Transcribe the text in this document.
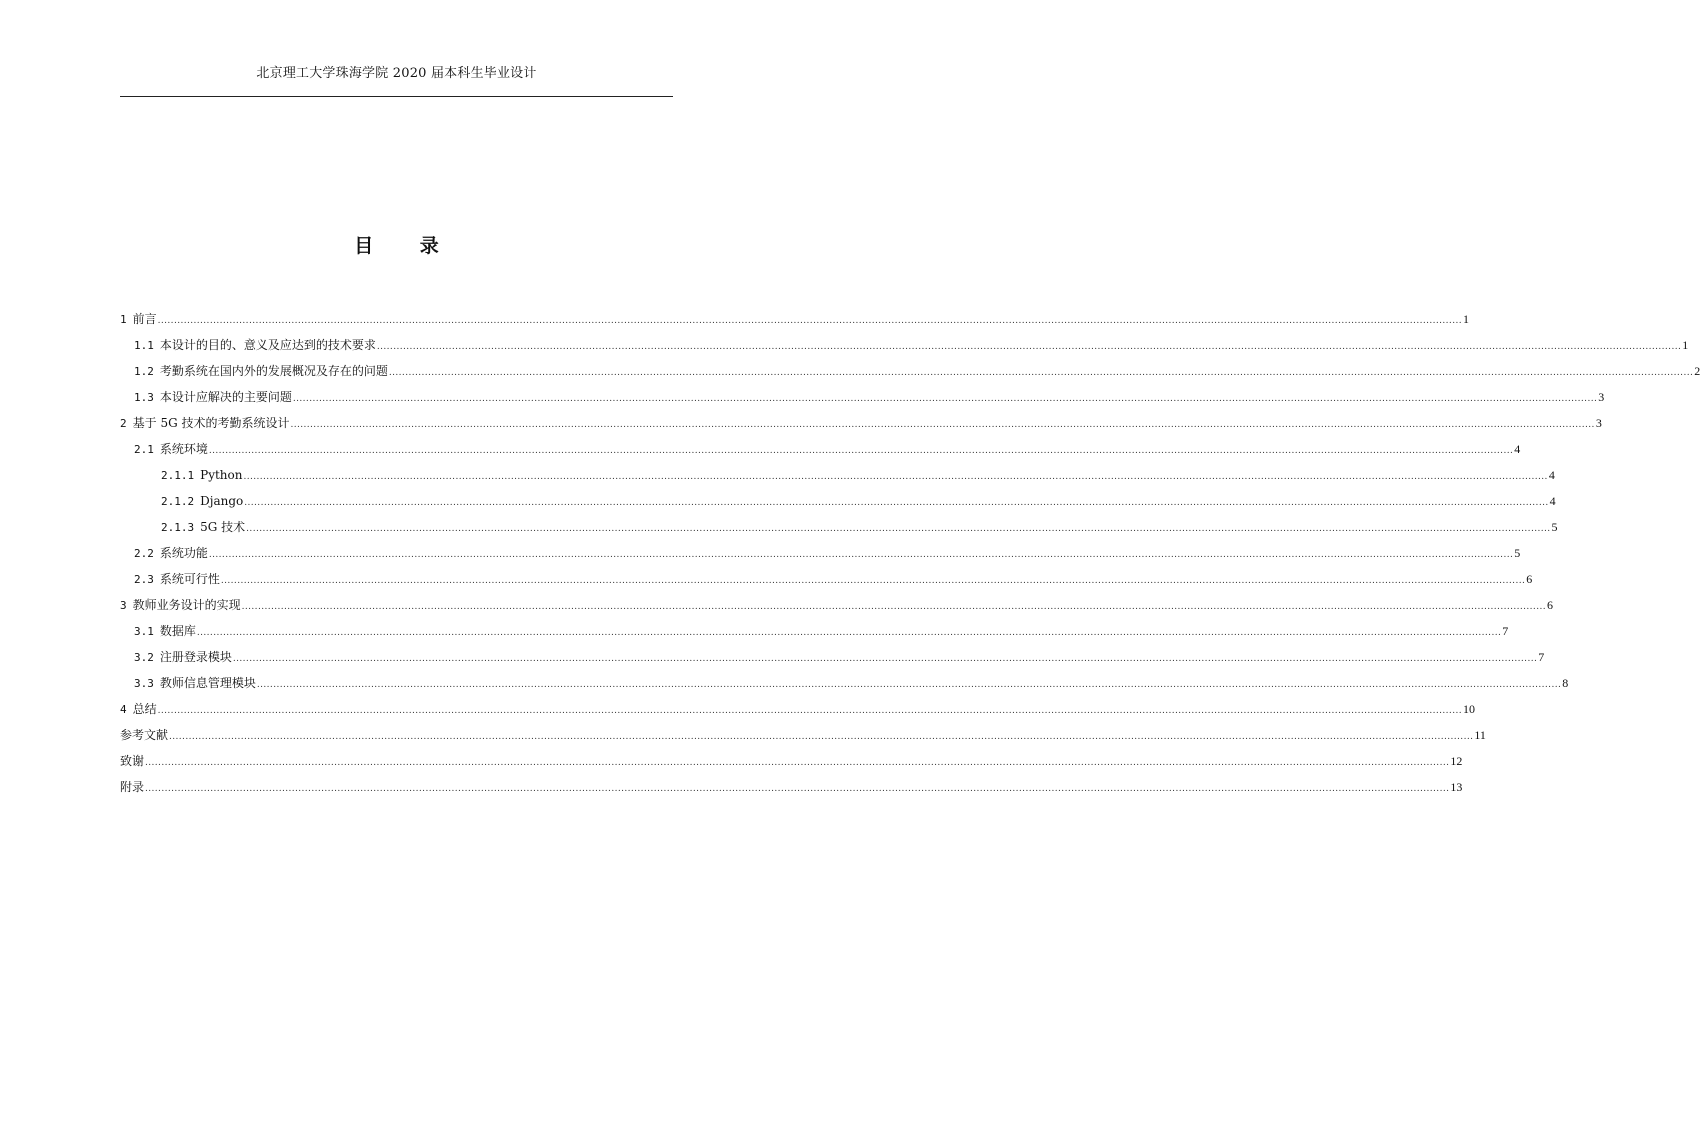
北京理工大学珠海学院 2020 届本科生毕业设计
目 录
1 前言 ................................................................................................................................................................................................................................................................................................................................................................................................................ 1
1.1 本设计的目的、意义及应达到的技术要求 ................................................................................................................................................................................................................................................................................................................................................................................................................ 1
1.2 考勤系统在国内外的发展概况及存在的问题 ................................................................................................................................................................................................................................................................................................................................................................................................................ 2
1.3 本设计应解决的主要问题 ................................................................................................................................................................................................................................................................................................................................................................................................................ 3
2 基于 5G 技术的考勤系统设计 ................................................................................................................................................................................................................................................................................................................................................................................................................ 3
2.1 系统环境 ................................................................................................................................................................................................................................................................................................................................................................................................................ 4
2.1.1 Python ................................................................................................................................................................................................................................................................................................................................................................................................................ 4
2.1.2 Django ................................................................................................................................................................................................................................................................................................................................................................................................................ 4
2.1.3 5G 技术 ................................................................................................................................................................................................................................................................................................................................................................................................................ 5
2.2 系统功能 ................................................................................................................................................................................................................................................................................................................................................................................................................ 5
2.3 系统可行性 ................................................................................................................................................................................................................................................................................................................................................................................................................ 6
3 教师业务设计的实现 ................................................................................................................................................................................................................................................................................................................................................................................................................ 6
3.1 数据库 ................................................................................................................................................................................................................................................................................................................................................................................................................ 7
3.2 注册登录模块 ................................................................................................................................................................................................................................................................................................................................................................................................................ 7
3.3 教师信息管理模块 ................................................................................................................................................................................................................................................................................................................................................................................................................ 8
4 总结 ................................................................................................................................................................................................................................................................................................................................................................................................................ 10
参考文献 ................................................................................................................................................................................................................................................................................................................................................................................................................ 11
致谢 ................................................................................................................................................................................................................................................................................................................................................................................................................ 12
附录 ................................................................................................................................................................................................................................................................................................................................................................................................................ 13
